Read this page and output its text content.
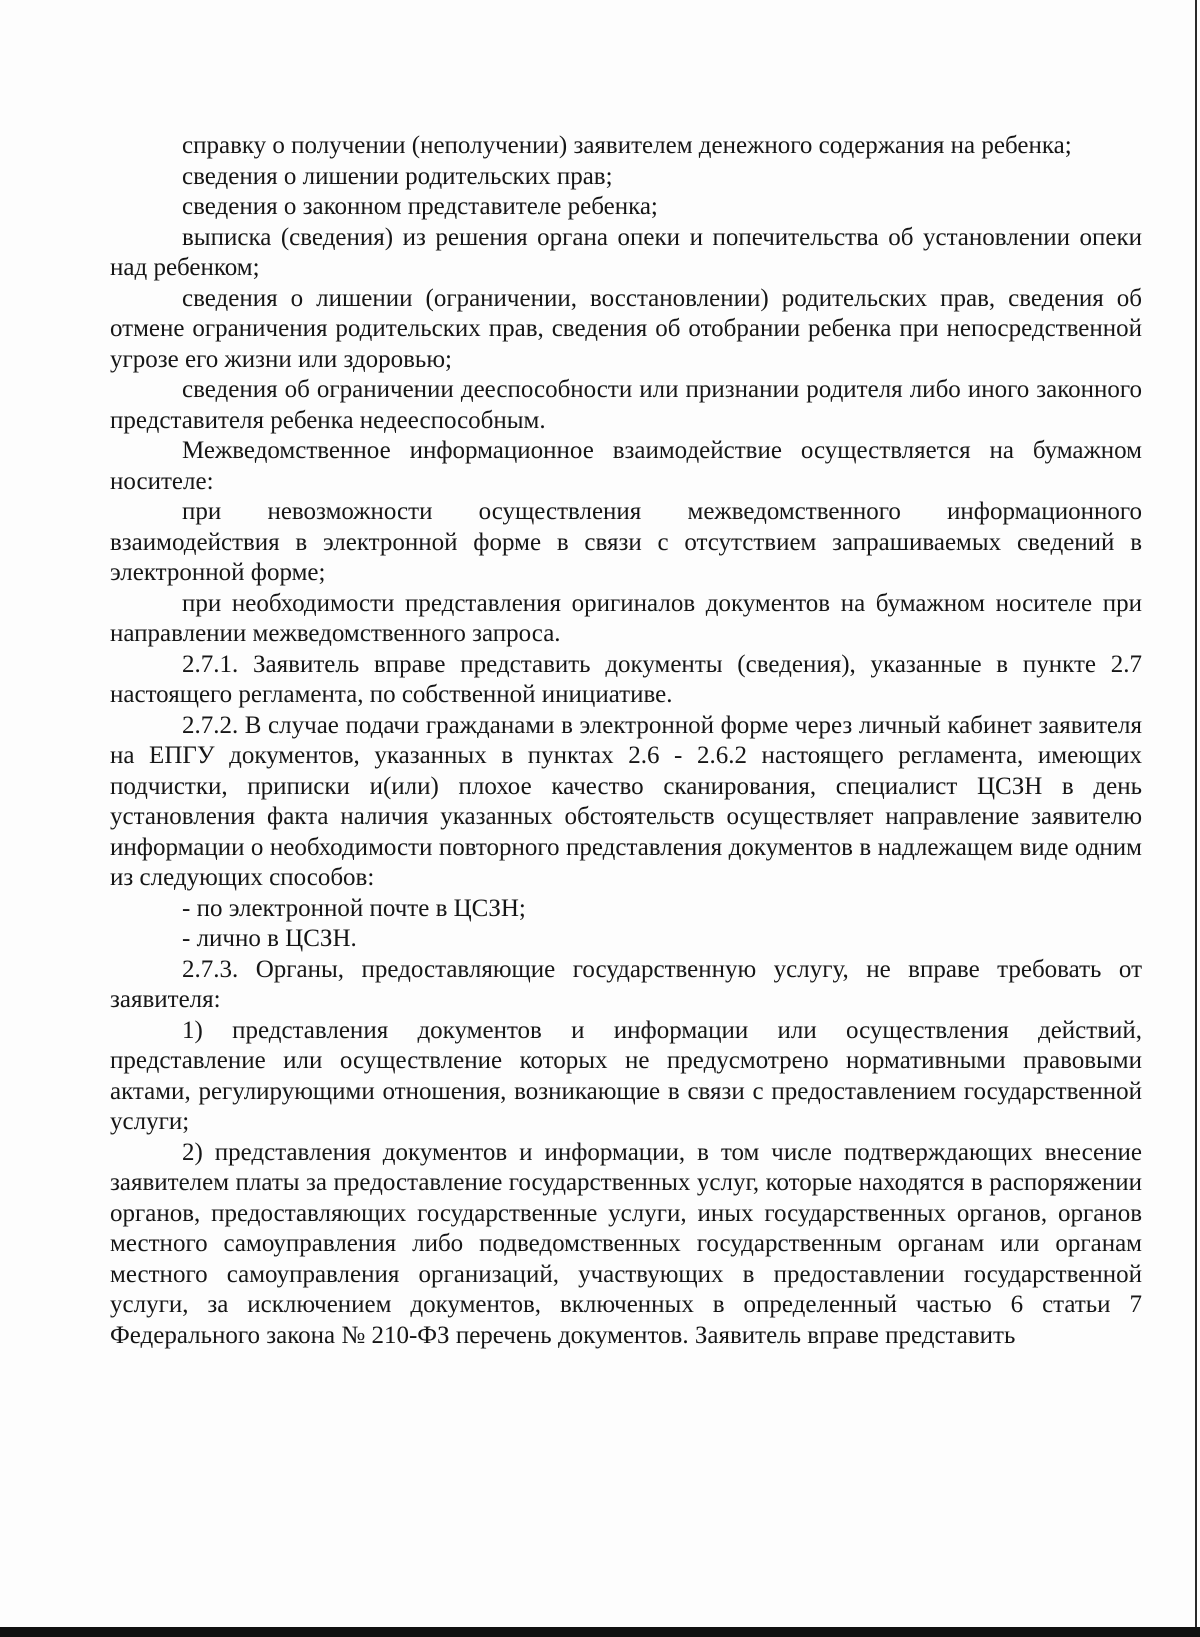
справку о получении (неполучении) заявителем денежного содержания на ребенка;

сведения о лишении родительских прав;

сведения о законном представителе ребенка;

выписка (сведения) из решения органа опеки и попечительства об установлении опеки над ребенком;

сведения о лишении (ограничении, восстановлении) родительских прав, сведения об отмене ограничения родительских прав, сведения об отобрании ребенка при непосредственной угрозе его жизни или здоровью;

сведения об ограничении дееспособности или признании родителя либо иного законного представителя ребенка недееспособным.

Межведомственное информационное взаимодействие осуществляется на бумажном носителе:

при невозможности осуществления межведомственного информационного взаимодействия в электронной форме в связи с отсутствием запрашиваемых сведений в электронной форме;

при необходимости представления оригиналов документов на бумажном носителе при направлении межведомственного запроса.

2.7.1. Заявитель вправе представить документы (сведения), указанные в пункте 2.7 настоящего регламента, по собственной инициативе.

2.7.2. В случае подачи гражданами в электронной форме через личный кабинет заявителя на ЕПГУ документов, указанных в пунктах 2.6 - 2.6.2 настоящего регламента, имеющих подчистки, приписки и(или) плохое качество сканирования, специалист ЦСЗН в день установления факта наличия указанных обстоятельств осуществляет направление заявителю информации о необходимости повторного представления документов в надлежащем виде одним из следующих способов:

- по электронной почте в ЦСЗН;

- лично в ЦСЗН.

2.7.3. Органы, предоставляющие государственную услугу, не вправе требовать от заявителя:

1) представления документов и информации или осуществления действий, представление или осуществление которых не предусмотрено нормативными правовыми актами, регулирующими отношения, возникающие в связи с предоставлением государственной услуги;

2) представления документов и информации, в том числе подтверждающих внесение заявителем платы за предоставление государственных услуг, которые находятся в распоряжении органов, предоставляющих государственные услуги, иных государственных органов, органов местного самоуправления либо подведомственных государственным органам или органам местного самоуправления организаций, участвующих в предоставлении государственной услуги, за исключением документов, включенных в определенный частью 6 статьи 7 Федерального закона № 210-ФЗ перечень документов. Заявитель вправе представить
